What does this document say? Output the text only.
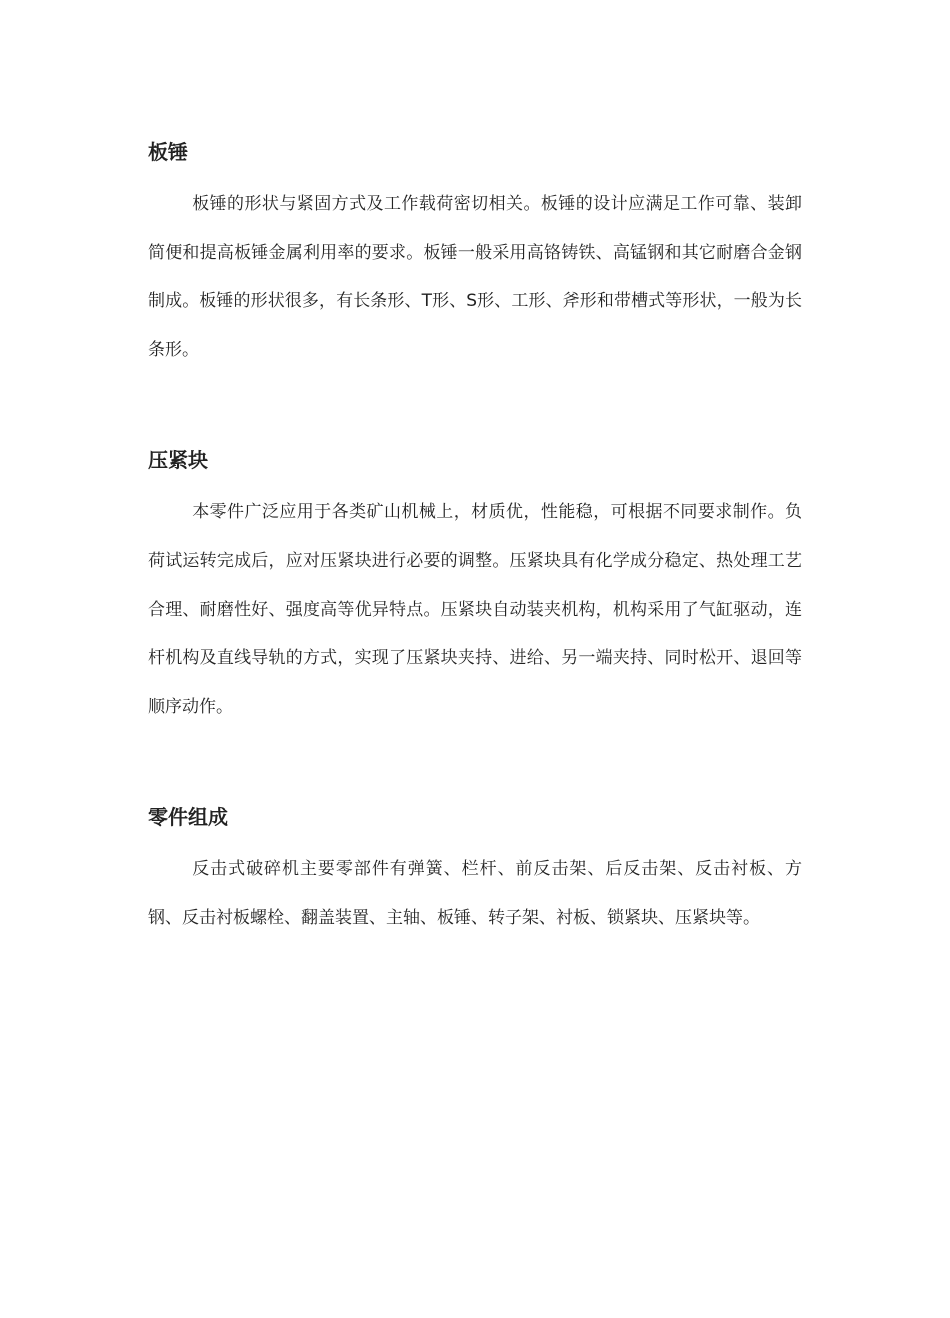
板锤

板锤的形状与紧固方式及工作载荷密切相关。板锤的设计应满足工作可靠、装卸简便和提高板锤金属利用率的要求。板锤一般采用高铬铸铁、高锰钢和其它耐磨合金钢制成。板锤的形状很多，有长条形、T形、S形、工形、斧形和带槽式等形状，一般为长条形。

压紧块

本零件广泛应用于各类矿山机械上，材质优，性能稳，可根据不同要求制作。负荷试运转完成后，应对压紧块进行必要的调整。压紧块具有化学成分稳定、热处理工艺合理、耐磨性好、强度高等优异特点。压紧块自动装夹机构，机构采用了气缸驱动，连杆机构及直线导轨的方式，实现了压紧块夹持、进给、另一端夹持、同时松开、退回等顺序动作。

零件组成

反击式破碎机主要零部件有弹簧、栏杆、前反击架、后反击架、反击衬板、方钢、反击衬板螺栓、翻盖装置、主轴、板锤、转子架、衬板、锁紧块、压紧块等。
